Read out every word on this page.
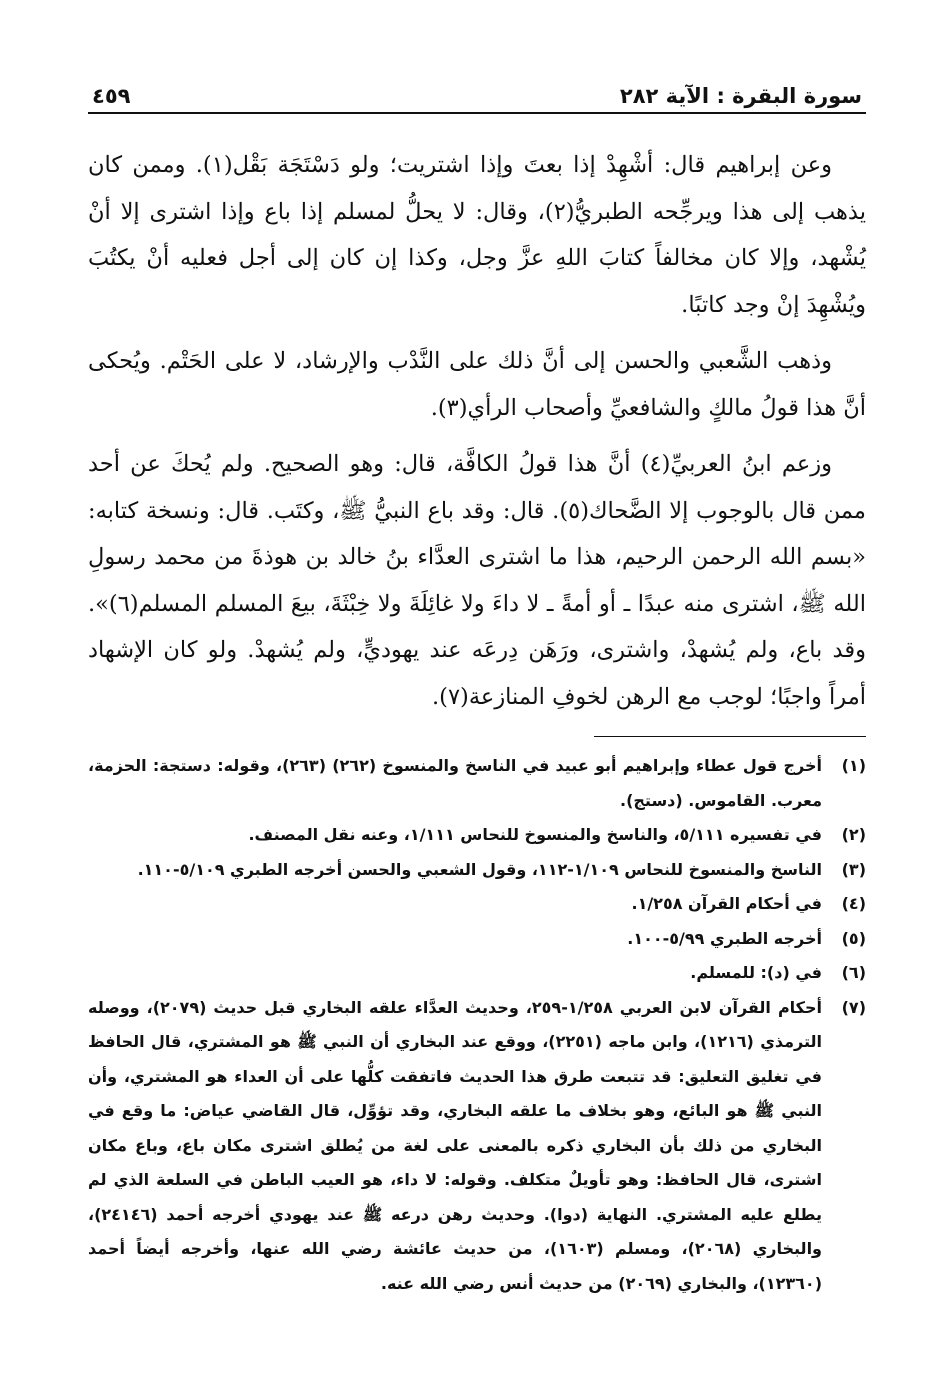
سورة البقرة : الآية ٢٨٢
٤٥٩

وعن إبراهيم قال: أشْهِدْ إذا بعتَ وإذا اشتريت؛ ولو دَسْتَجَة بَقْل(١). وممن كان يذهب إلى هذا ويرجِّحه الطبريُّ(٢)، وقال: لا يحلُّ لمسلم إذا باع وإذا اشترى إلا أنْ يُشْهد، وإلا كان مخالفاً كتابَ اللهِ عزَّ وجل، وكذا إن كان إلى أجل فعليه أنْ يكتُبَ ويُشْهِدَ إنْ وجد كاتبًا.

وذهب الشَّعبي والحسن إلى أنَّ ذلك على النَّدْب والإرشاد، لا على الحَتْم. ويُحكى أنَّ هذا قولُ مالكٍ والشافعيِّ وأصحاب الرأي(٣).

وزعم ابنُ العربيِّ(٤) أنَّ هذا قولُ الكافَّة، قال: وهو الصحيح. ولم يُحكَ عن أحد ممن قال بالوجوب إلا الضَّحاك(٥). قال: وقد باع النبيُّ ﷺ، وكتَب. قال: ونسخة كتابه: «بسم الله الرحمن الرحيم، هذا ما اشترى العدَّاء بنُ خالد بن هوذةَ من محمد رسولِ الله ﷺ، اشترى منه عبدًا ـ أو أمةً ـ لا داءَ ولا غائِلَةَ ولا خِبْثَةَ، بيعَ المسلم المسلم(٦)». وقد باع، ولم يُشهدْ، واشترى، ورَهَن دِرعَه عند يهوديٍّ، ولم يُشهدْ. ولو كان الإشهاد أمراً واجبًا؛ لوجب مع الرهن لخوفِ المنازعة(٧).

(١)
أخرج قول عطاء وإبراهيم أبو عبيد في الناسخ والمنسوخ (٢٦٢) (٢٦٣)، وقوله: دستجة: الحزمة، معرب. القاموس. (دستج).
(٢)
في تفسيره ٥/١١١، والناسخ والمنسوخ للنحاس ١/١١١، وعنه نقل المصنف.
(٣)
الناسخ والمنسوخ للنحاس ١/١٠٩-١١٢، وقول الشعبي والحسن أخرجه الطبري ٥/١٠٩-١١٠.
(٤)
في أحكام القرآن ١/٢٥٨.
(٥)
أخرجه الطبري ٥/٩٩-١٠٠.
(٦)
في (د): للمسلم.
(٧)
أحكام القرآن لابن العربي ١/٢٥٨-٢٥٩، وحديث العدَّاء علقه البخاري قبل حديث (٢٠٧٩)، ووصله الترمذي (١٢١٦)، وابن ماجه (٢٢٥١)، ووقع عند البخاري أن النبي ﷺ هو المشتري، قال الحافظ في تغليق التعليق: قد تتبعت طرق هذا الحديث فاتفقت كلُّها على أن العداء هو المشتري، وأن النبي ﷺ هو البائع، وهو بخلاف ما علقه البخاري، وقد تؤوِّل، قال القاضي عياض: ما وقع في البخاري من ذلك بأن البخاري ذكره بالمعنى على لغة من يُطلق اشترى مكان باع، وباع مكان اشترى، قال الحافظ: وهو تأويلٌ متكلف. وقوله: لا داء، هو العيب الباطن في السلعة الذي لم يطلع عليه المشتري. النهاية (دوا). وحديث رهن درعه ﷺ عند يهودي أخرجه أحمد (٢٤١٤٦)، والبخاري (٢٠٦٨)، ومسلم (١٦٠٣)، من حديث عائشة رضي الله عنها، وأخرجه أيضاً أحمد (١٢٣٦٠)، والبخاري (٢٠٦٩) من حديث أنس رضي الله عنه.
